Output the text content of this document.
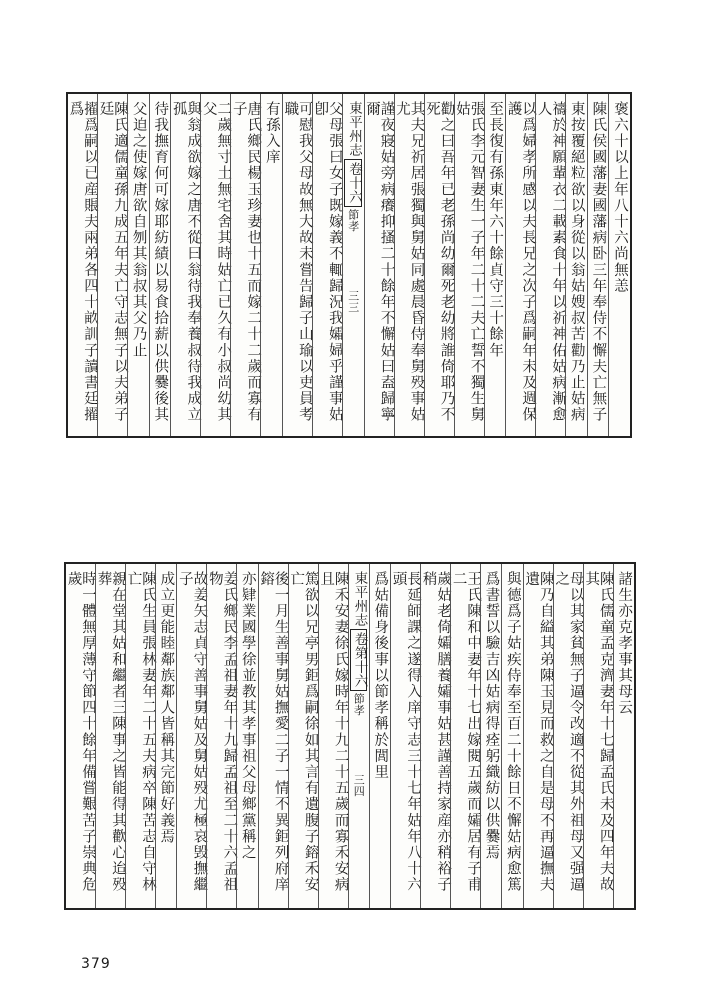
褒六十以上年八十六尚無恙
陳氏侯國藩妻國藩病卧三年奉侍不懈夫亡無子
東按覆絕粒欲以身從以翁姑嫂叔苦勸乃止姑病
禱於神願輩衣二載素食十年以祈神佑姑病漸愈人
以爲婦孝所感以夫長兄之次子爲嗣年未及週保護
至長復有孫東年六十餘貞守三十餘年
張氏李元智妻生一子年二十二夫亡誓不獨生舅姑
勸之曰吾年已老孫尚幼爾死老幼將誰倚耶乃不死
其夫兄祈居張獨與舅姑同處晨昏侍奉舅殁事姑尤
謹夜寢姑旁病癢抑搔二十餘年不懈姑曰盍歸寧爾
東平州志
卷十六
節孝
三三
父母張曰女子既嫁義不輒歸況我孀婦乎謹事姑卽
可慰我父母故無大故未嘗告歸子山瑜以吏員考職
有孫入庠
唐氏鄉民楊玉珍妻也十五而嫁二十二歲而寡有子
二歲無寸土無宅舍其時姑亡已久有小叔尚幼其父
與翁成欲嫁之唐不從曰翁待我奉養叔待我成立孤
待我撫育何可嫁耶紡績以易食拾薪以供爨後其
父迫之使嫁唐欲自刎其翁叔其父乃止
陳氏適儒童孫九成五年夫亡守志無子以夫弟子廷
擢爲嗣以已産賬夫兩弟各四十畝訓子讀書廷擢爲
諸生亦克孝事其母云
陳氏儒童孟克濟妻年十七歸孟氏未及四年夫故其
母以其家貧無子逼令改適不從其外祖母又强逼之
陳乃自縊其弟陳玉見而救之自是母不再逼撫夫遺
與德爲子姑疾侍奉至百二十餘日不懈姑病愈篤
爲書誓以驗吉凶姑病得痊躬織紡以供爨焉
王氏陳和中妻年十七出嫁閱五歲而孀居有子甫二
歲姑老倚孀膳養孀事姑甚謹善持家産亦稍裕子稍
長延師課之遂得入庠守志三十七年姑年八十六頭
爲姑備身後事以節孝稱於閭里
東平州志
卷第十六
節孝
三四
陳禾安妻徐氏嫁時年十九二十五歲而寡禾安病且
篤欲以兄亭男鉅爲嗣徐如其言有遺腹子鎔禾安亡
後一月生善事舅姑撫愛二子一情不異鉅列府庠鎔
亦肄業國學徐並教其孝事祖父母鄉黨稱之
姜氏鄉民李孟祖妻年十九歸孟祖至二十六孟祖物
故姜矢志貞守善事舅姑及舅姑殁尤極哀毁撫繼子
成立更能睦鄰族鄰人皆稱其完節好義焉
陳氏生員張林妻年二十五夫病卒陳苦志自守林亡
親在堂其姑和繼者三陳事之皆能得其歡心迨殁葬
時一體無厚薄守節四十餘年備嘗艱苦子崇典危歲
379
